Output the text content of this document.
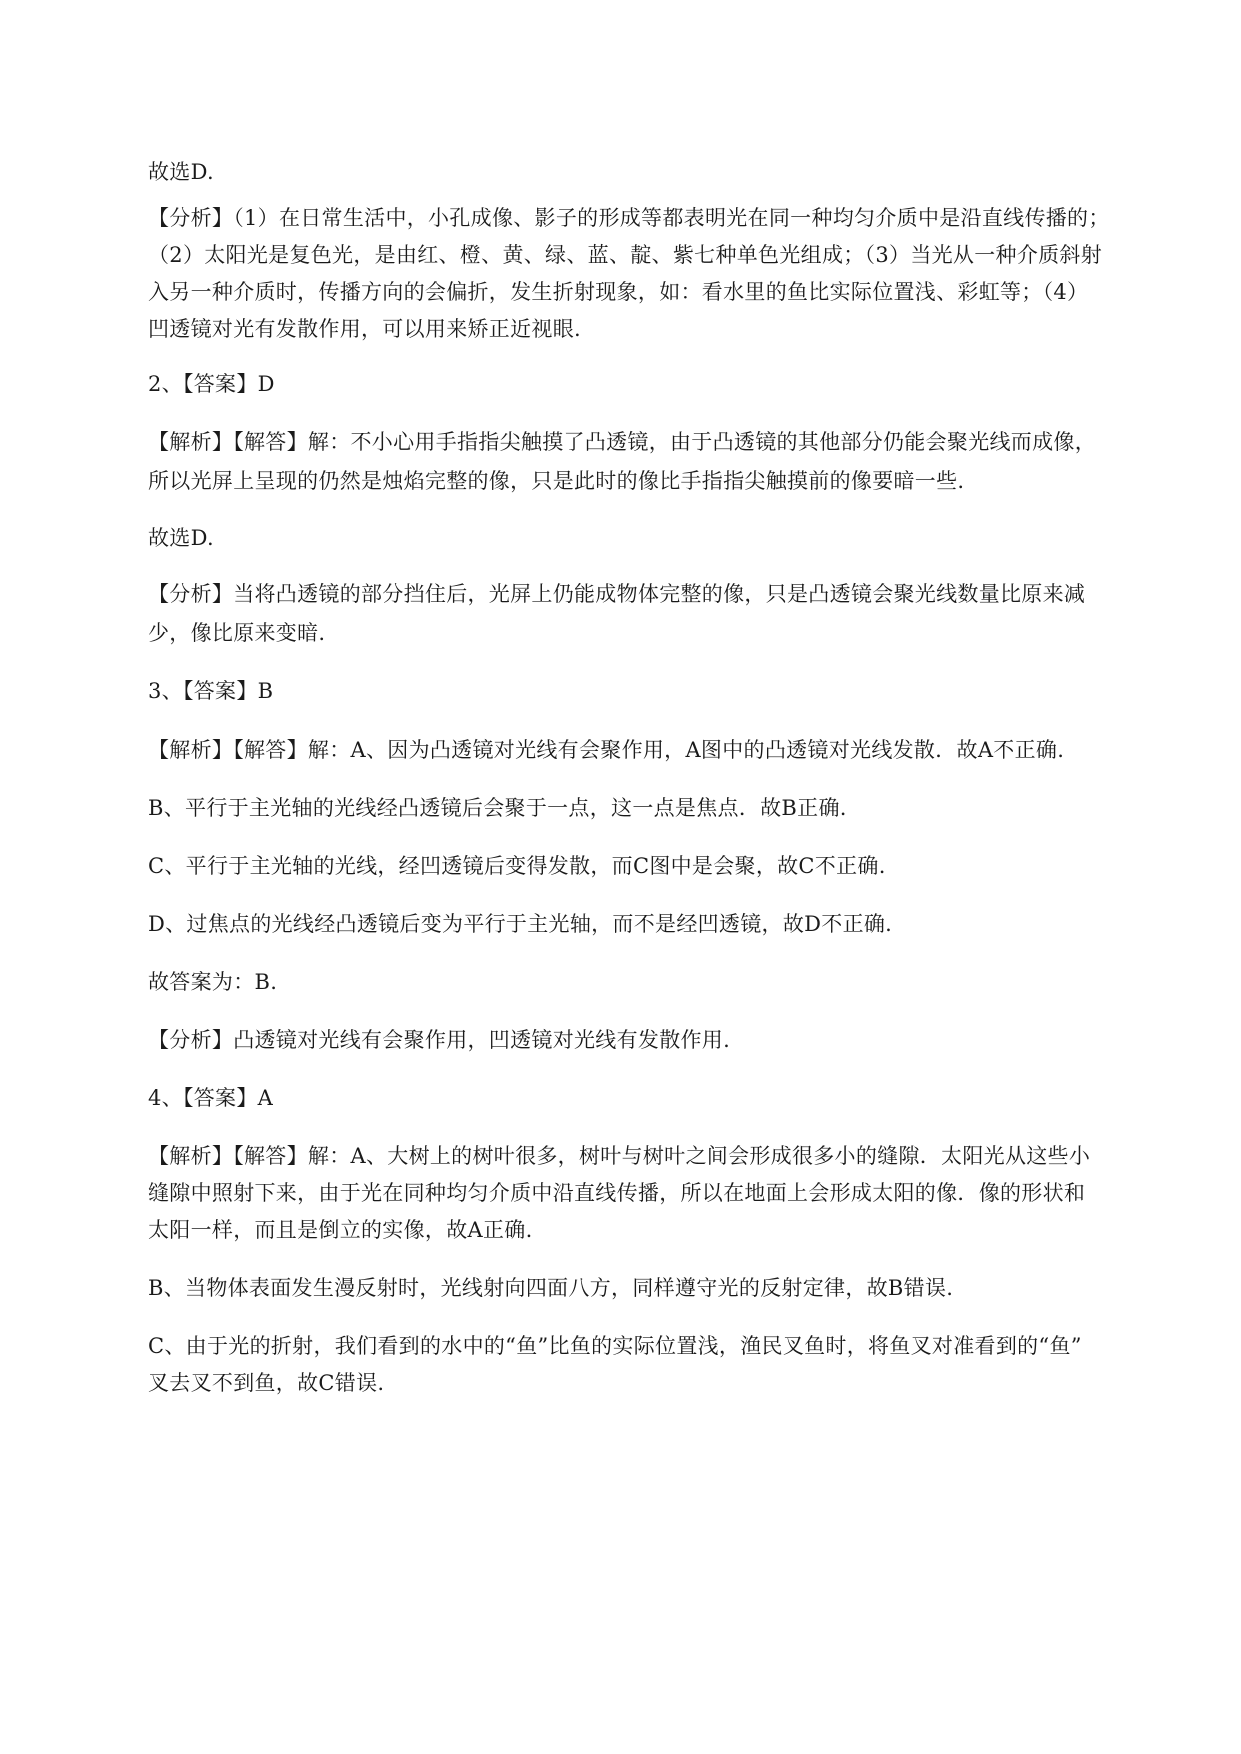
故选D.
【分析】（1）在日常生活中，小孔成像、影子的形成等都表明光在同一种均匀介质中是沿直线传播的；
（2）太阳光是复色光，是由红、橙、黄、绿、蓝、靛、紫七种单色光组成；（3）当光从一种介质斜射
入另一种介质时，传播方向的会偏折，发生折射现象，如：看水里的鱼比实际位置浅、彩虹等；（4）
凹透镜对光有发散作用，可以用来矫正近视眼.
2、【答案】D
【解析】【解答】解：不小心用手指指尖触摸了凸透镜，由于凸透镜的其他部分仍能会聚光线而成像，
所以光屏上呈现的仍然是烛焰完整的像，只是此时的像比手指指尖触摸前的像要暗一些.
故选D.
【分析】当将凸透镜的部分挡住后，光屏上仍能成物体完整的像，只是凸透镜会聚光线数量比原来减
少，像比原来变暗.
3、【答案】B
【解析】【解答】解：A、因为凸透镜对光线有会聚作用，A图中的凸透镜对光线发散．故A不正确.
B、平行于主光轴的光线经凸透镜后会聚于一点，这一点是焦点．故B正确.
C、平行于主光轴的光线，经凹透镜后变得发散，而C图中是会聚，故C不正确.
D、过焦点的光线经凸透镜后变为平行于主光轴，而不是经凹透镜，故D不正确.
故答案为：B.
【分析】凸透镜对光线有会聚作用，凹透镜对光线有发散作用.
4、【答案】A
【解析】【解答】解：A、大树上的树叶很多，树叶与树叶之间会形成很多小的缝隙．太阳光从这些小
缝隙中照射下来，由于光在同种均匀介质中沿直线传播，所以在地面上会形成太阳的像．像的形状和
太阳一样，而且是倒立的实像，故A正确.
B、当物体表面发生漫反射时，光线射向四面八方，同样遵守光的反射定律，故B错误.
C、由于光的折射，我们看到的水中的“鱼”比鱼的实际位置浅，渔民叉鱼时，将鱼叉对准看到的“鱼”
叉去叉不到鱼，故C错误.
